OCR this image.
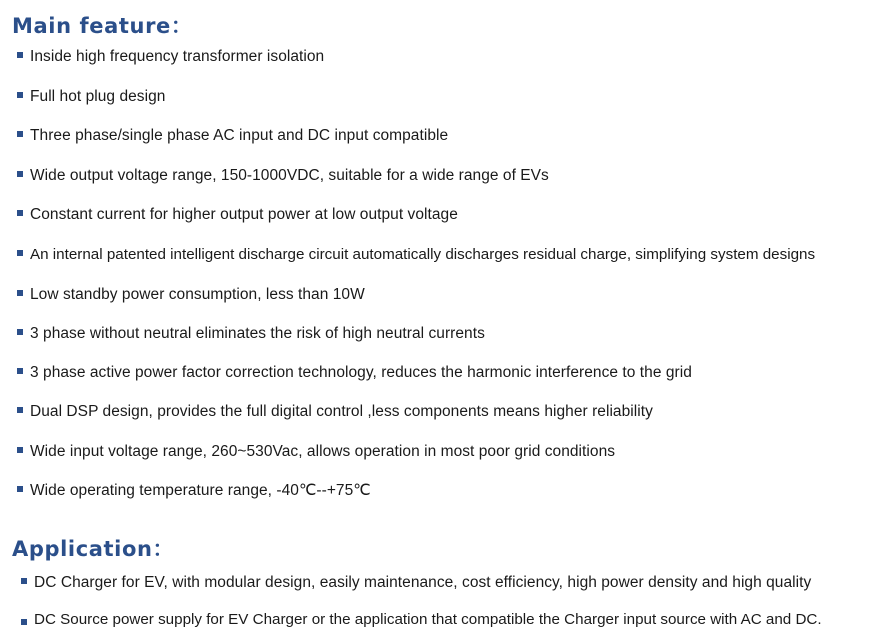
Main feature：
Inside high frequency transformer isolation
Full hot plug design
Three phase/single phase AC input and DC input compatible
Wide output voltage range, 150-1000VDC, suitable for a wide range of EVs
Constant current for higher output power at low output voltage
An internal patented intelligent discharge circuit automatically discharges residual charge, simplifying system designs
Low standby power consumption, less than 10W
3 phase without neutral eliminates the risk of high neutral currents
3 phase active power factor correction technology, reduces the harmonic interference to the grid
Dual DSP design, provides the full digital control ,less components means higher reliability
Wide input voltage range, 260~530Vac, allows operation in most poor grid conditions
Wide operating temperature range, -40℃--+75℃
Application：
DC Charger for EV, with modular design, easily maintenance, cost efficiency, high power density and high quality
DC Source power supply for EV Charger or the application that compatible the Charger input source with AC and DC.
